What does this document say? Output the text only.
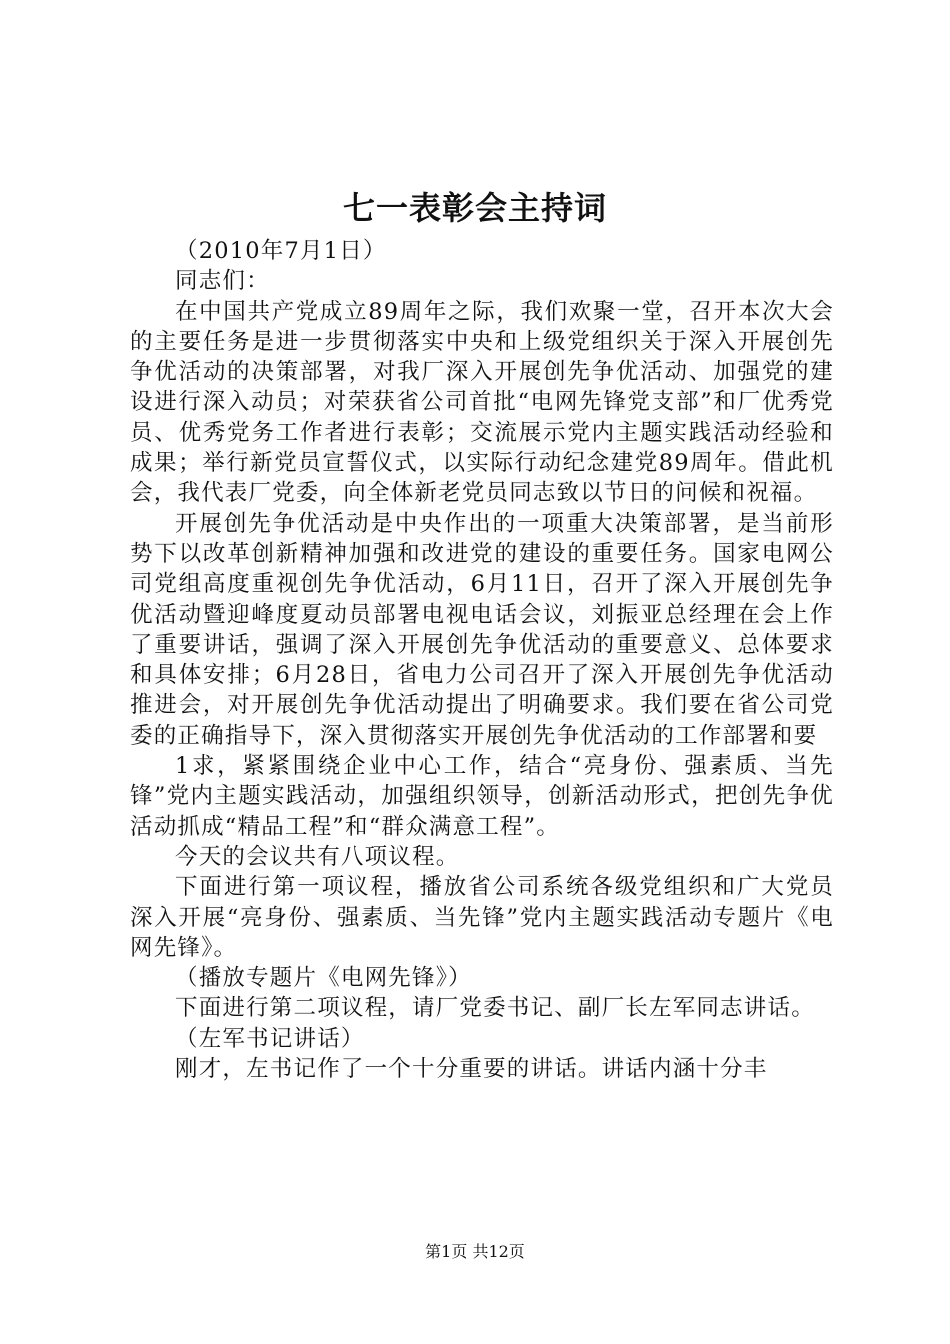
七一表彰会主持词

（2010年7月1日）

同志们：

在中国共产党成立89周年之际，我们欢聚一堂，召开本次大会的主要任务是进一步贯彻落实中央和上级党组织关于深入开展创先争优活动的决策部署，对我厂深入开展创先争优活动、加强党的建设进行深入动员；对荣获省公司首批“电网先锋党支部”和厂优秀党员、优秀党务工作者进行表彰；交流展示党内主题实践活动经验和成果；举行新党员宣誓仪式，以实际行动纪念建党89周年。借此机会，我代表厂党委，向全体新老党员同志致以节日的问候和祝福。

开展创先争优活动是中央作出的一项重大决策部署，是当前形势下以改革创新精神加强和改进党的建设的重要任务。国家电网公司党组高度重视创先争优活动，6月11日，召开了深入开展创先争优活动暨迎峰度夏动员部署电视电话会议，刘振亚总经理在会上作了重要讲话，强调了深入开展创先争优活动的重要意义、总体要求和具体安排；6月28日，省电力公司召开了深入开展创先争优活动推进会，对开展创先争优活动提出了明确要求。我们要在省公司党委的正确指导下，深入贯彻落实开展创先争优活动的工作部署和要

1求，紧紧围绕企业中心工作，结合“亮身份、强素质、当先锋”党内主题实践活动，加强组织领导，创新活动形式，把创先争优活动抓成“精品工程”和“群众满意工程”。

今天的会议共有八项议程。

下面进行第一项议程，播放省公司系统各级党组织和广大党员深入开展“亮身份、强素质、当先锋”党内主题实践活动专题片《电网先锋》。

（播放专题片《电网先锋》）

下面进行第二项议程，请厂党委书记、副厂长左军同志讲话。

（左军书记讲话）

刚才，左书记作了一个十分重要的讲话。讲话内涵十分丰

第1页 共12页
